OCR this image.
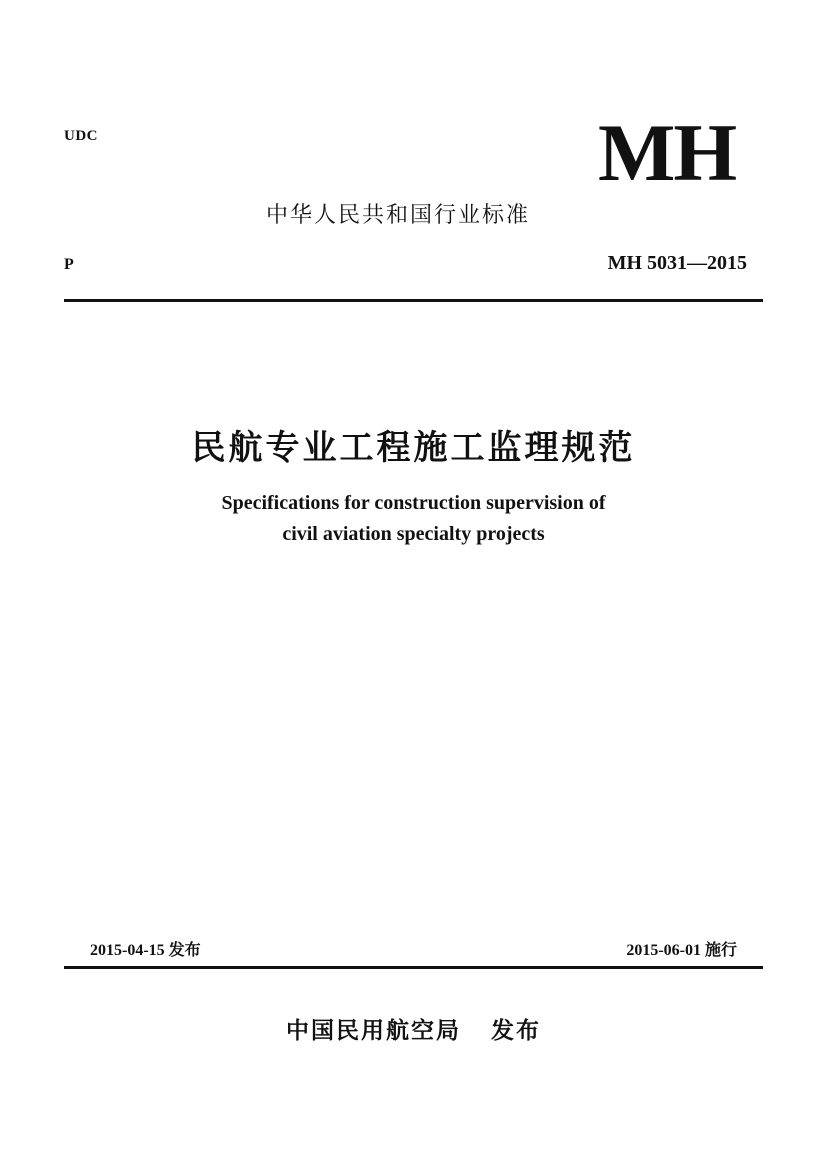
UDC	MH
中华人民共和国行业标准
P	MH 5031—2015
民航专业工程施工监理规范
Specifications for construction supervision of
civil aviation specialty projects
2015-04-15 发布	2015-06-01 施行
中国民用航空局   发布
